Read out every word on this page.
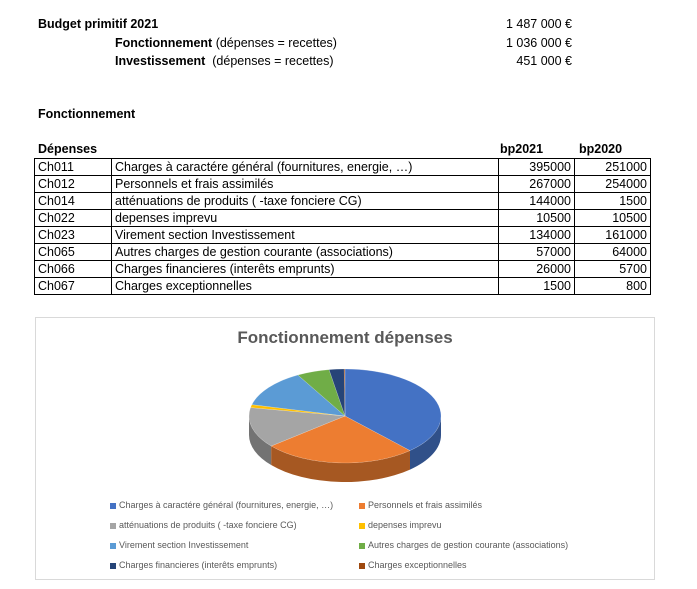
Budget primitif 2021	1 487 000 €
Fonctionnement (dépenses = recettes)	1 036 000 €
Investissement  (dépenses = recettes)	451 000 €
Fonctionnement
Dépenses	bp2021	bp2020
Ch011	Charges à caractére général (fournitures, energie, …)	395000	251000
Ch012	Personnels et frais assimilés	267000	254000
Ch014	atténuations de produits ( -taxe fonciere CG)	144000	1500
Ch022	depenses imprevu	10500	10500
Ch023	Virement section Investissement	134000	161000
Ch065	Autres charges de gestion courante (associations)	57000	64000
Ch066	Charges financieres (interêts emprunts)	26000	5700
Ch067	Charges exceptionnelles	1500	800
Fonctionnement dépenses
Charges à caractére général (fournitures, energie, …)	Personnels et frais assimilés
atténuations de produits ( -taxe fonciere CG)	depenses imprevu
Virement section Investissement	Autres charges de gestion courante (associations)
Charges financieres (interêts emprunts)	Charges exceptionnelles
